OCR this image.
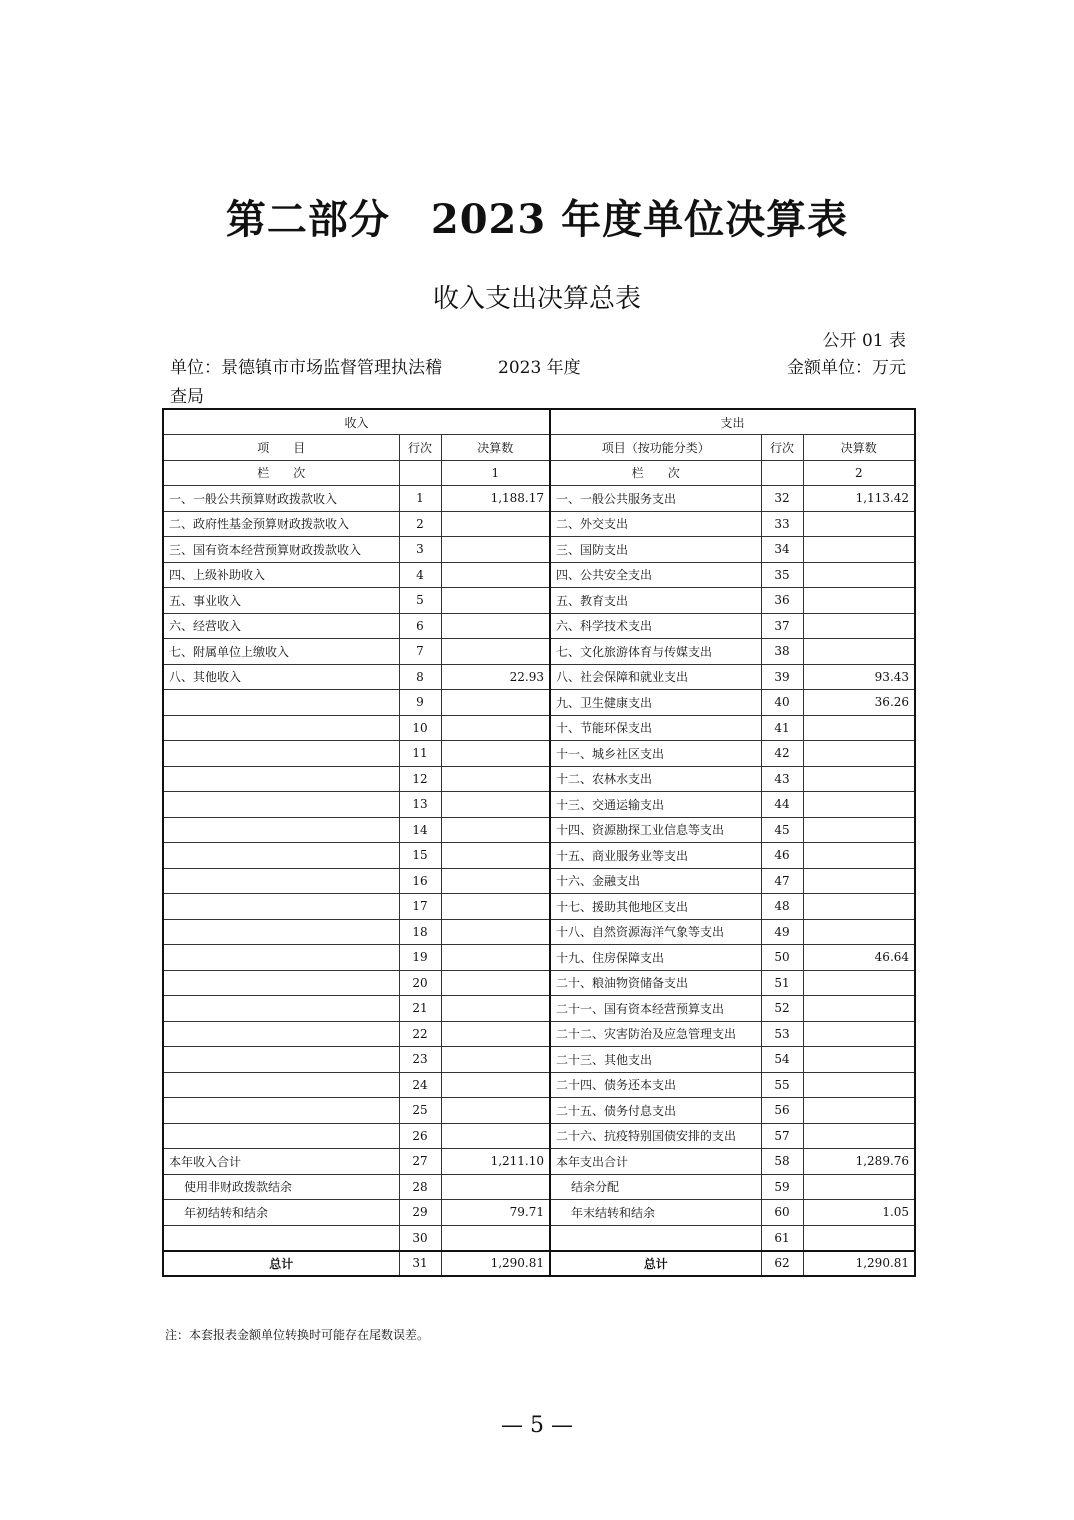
第二部分　2023 年度单位决算表
收入支出决算总表
公开 01 表
单位：景德镇市市场监督管理执法稽查局
2023 年度	金额单位：万元
收入			支出		
项　　目	行次	决算数	项目（按功能分类）	行次	决算数
栏　　次		1	栏　　次		2
一、一般公共预算财政拨款收入	1	1,188.17	一、一般公共服务支出	32	1,113.42
二、政府性基金预算财政拨款收入	2		二、外交支出	33	
三、国有资本经营预算财政拨款收入	3		三、国防支出	34	
四、上级补助收入	4		四、公共安全支出	35	
五、事业收入	5		五、教育支出	36	
六、经营收入	6		六、科学技术支出	37	
七、附属单位上缴收入	7		七、文化旅游体育与传媒支出	38	
八、其他收入	8	22.93	八、社会保障和就业支出	39	93.43
	9		九、卫生健康支出	40	36.26
	10		十、节能环保支出	41	
	11		十一、城乡社区支出	42	
	12		十二、农林水支出	43	
	13		十三、交通运输支出	44	
	14		十四、资源勘探工业信息等支出	45	
	15		十五、商业服务业等支出	46	
	16		十六、金融支出	47	
	17		十七、援助其他地区支出	48	
	18		十八、自然资源海洋气象等支出	49	
	19		十九、住房保障支出	50	46.64
	20		二十、粮油物资储备支出	51	
	21		二十一、国有资本经营预算支出	52	
	22		二十二、灾害防治及应急管理支出	53	
	23		二十三、其他支出	54	
	24		二十四、债务还本支出	55	
	25		二十五、债务付息支出	56	
	26		二十六、抗疫特别国债安排的支出	57	
本年收入合计	27	1,211.10	本年支出合计	58	1,289.76
使用非财政拨款结余	28		结余分配	59	
年初结转和结余	29	79.71	年末结转和结余	60	1.05
	30			61	
总计	31	1,290.81	总计	62	1,290.81
注：本套报表金额单位转换时可能存在尾数误差。
— 5 —
